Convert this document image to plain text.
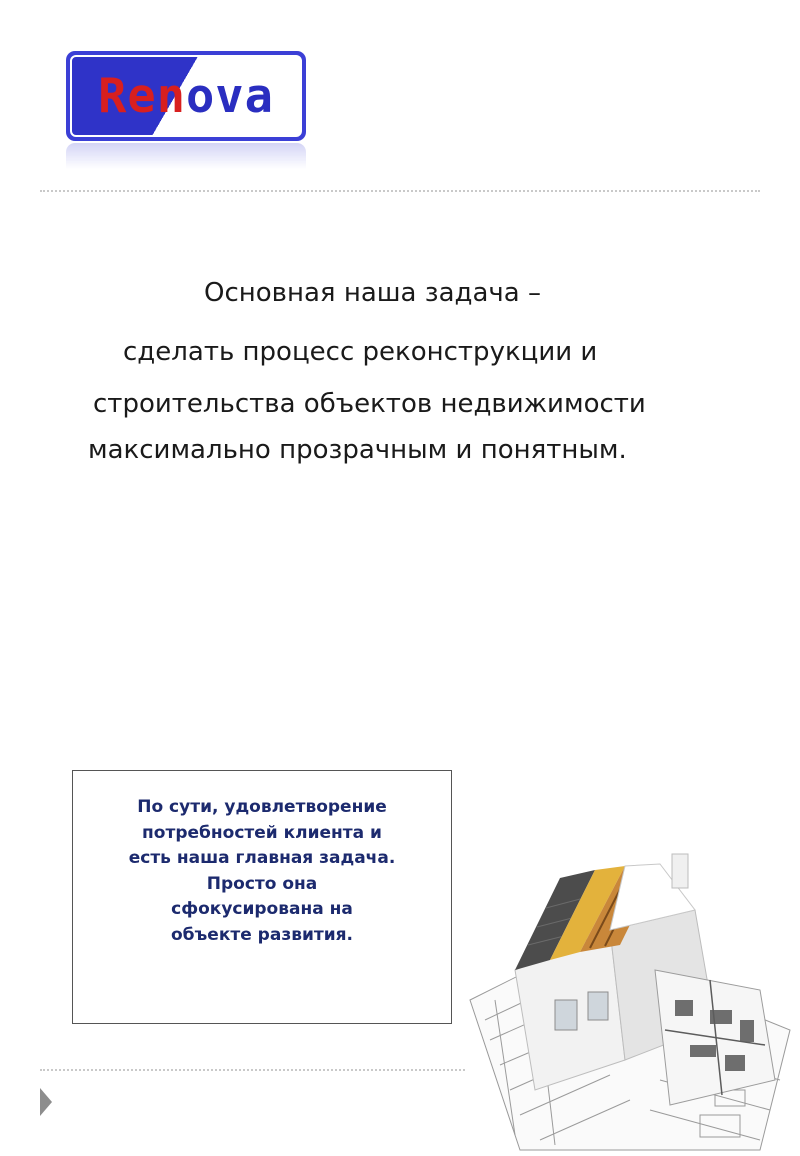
Ren ova
Основная наша задача –
сделать процесс реконструкции и
строительства объектов недвижимости
максимально прозрачным и понятным.
По сути, удовлетворение
потребностей клиента и
есть наша главная задача.
Просто она
сфокусирована на
объекте развития.
